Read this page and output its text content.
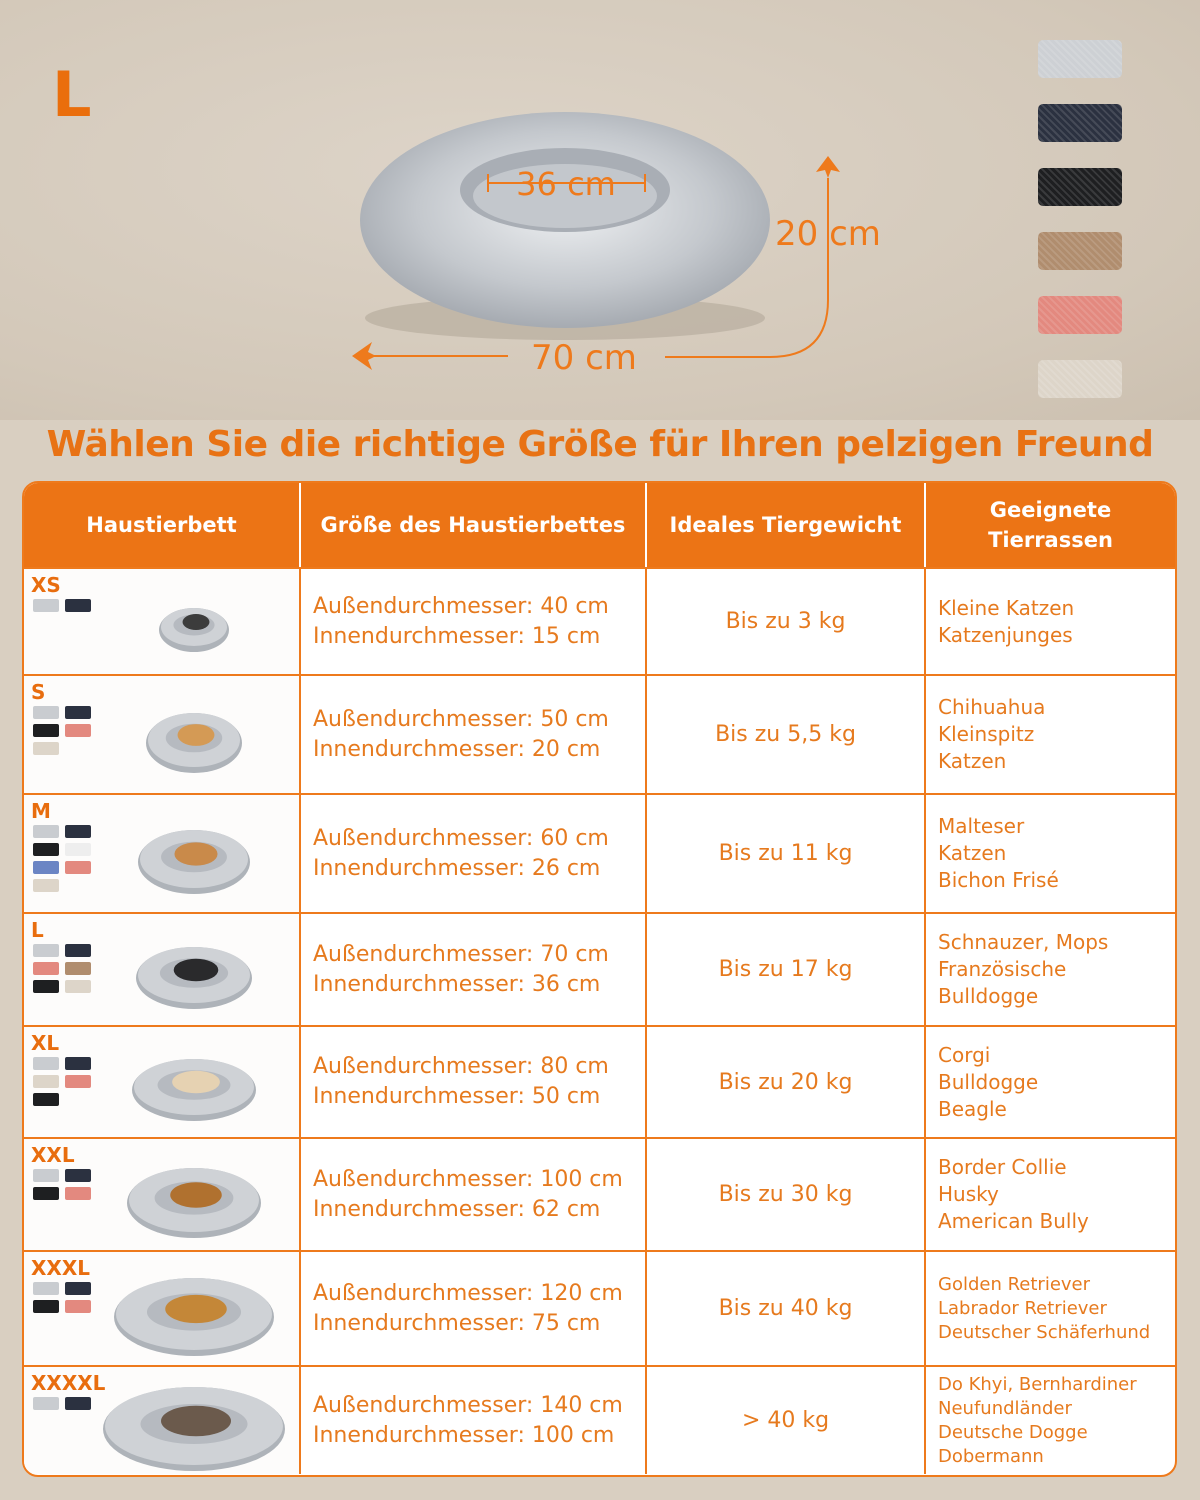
L
36 cm
20 cm
70 cm
Wählen Sie die richtige Größe für Ihren pelzigen Freund
Haustierbett	Größe des Haustierbettes	Ideales Tiergewicht
Geeignete Tierrassen
XS
Außendurchmesser: 40 cm
Innendurchmesser: 15 cm
Bis zu 3 kg
Kleine Katzen
Katzenjunges
S
Außendurchmesser: 50 cm
Innendurchmesser: 20 cm
Bis zu 5,5 kg
Chihuahua
Kleinspitz
Katzen
M
Außendurchmesser: 60 cm
Innendurchmesser: 26 cm
Bis zu 11 kg
Malteser
Katzen
Bichon Frisé
L
Außendurchmesser: 70 cm
Innendurchmesser: 36 cm
Bis zu 17 kg
Schnauzer, Mops
Französische
Bulldogge
XL
Außendurchmesser: 80 cm
Innendurchmesser: 50 cm
Bis zu 20 kg
Corgi
Bulldogge
Beagle
XXL
Außendurchmesser: 100 cm
Innendurchmesser: 62 cm
Bis zu 30 kg
Border Collie
Husky
American Bully
XXXL
Außendurchmesser: 120 cm
Innendurchmesser: 75 cm
Bis zu 40 kg
Golden Retriever
Labrador Retriever
Deutscher Schäferhund
XXXXL
Außendurchmesser: 140 cm
Innendurchmesser: 100 cm
> 40 kg
Do Khyi, Bernhardiner
Neufundländer
Deutsche Dogge
Dobermann
